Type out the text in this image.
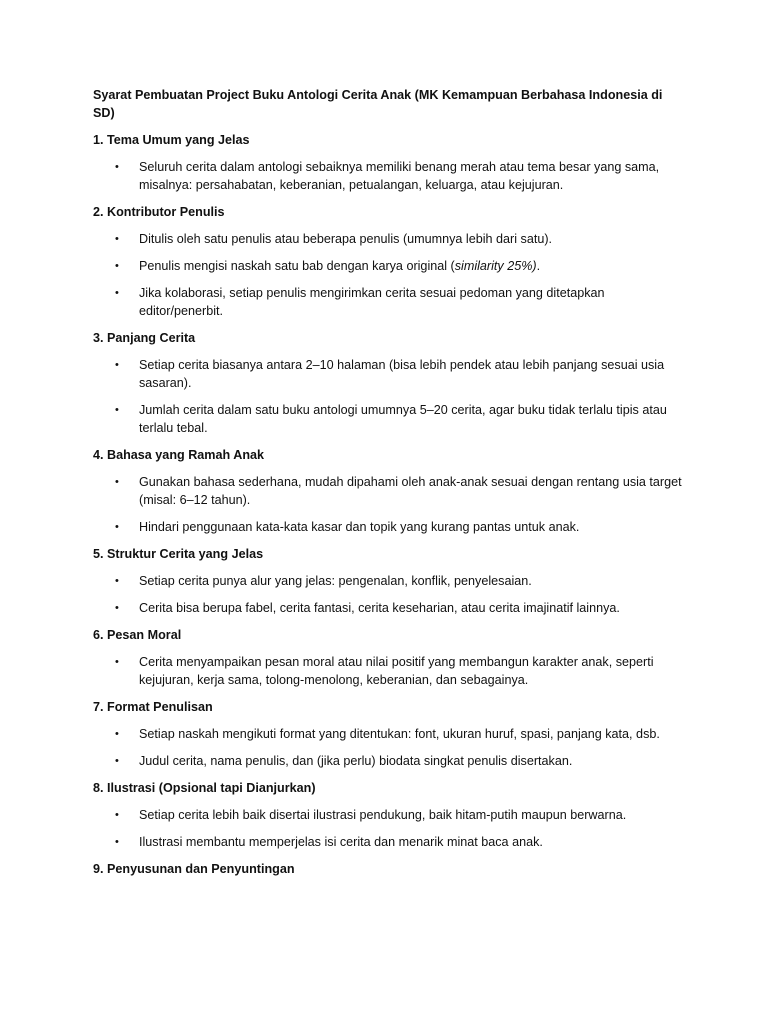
Syarat Pembuatan Project Buku Antologi Cerita Anak (MK Kemampuan Berbahasa Indonesia di SD)
1. Tema Umum yang Jelas
• Seluruh cerita dalam antologi sebaiknya memiliki benang merah atau tema besar yang sama, misalnya: persahabatan, keberanian, petualangan, keluarga, atau kejujuran.
2. Kontributor Penulis
• Ditulis oleh satu penulis atau beberapa penulis (umumnya lebih dari satu).
• Penulis mengisi naskah satu bab dengan karya original (similarity 25%).
• Jika kolaborasi, setiap penulis mengirimkan cerita sesuai pedoman yang ditetapkan editor/penerbit.
3. Panjang Cerita
• Setiap cerita biasanya antara 2–10 halaman (bisa lebih pendek atau lebih panjang sesuai usia sasaran).
• Jumlah cerita dalam satu buku antologi umumnya 5–20 cerita, agar buku tidak terlalu tipis atau terlalu tebal.
4. Bahasa yang Ramah Anak
• Gunakan bahasa sederhana, mudah dipahami oleh anak-anak sesuai dengan rentang usia target (misal: 6–12 tahun).
• Hindari penggunaan kata-kata kasar dan topik yang kurang pantas untuk anak.
5. Struktur Cerita yang Jelas
• Setiap cerita punya alur yang jelas: pengenalan, konflik, penyelesaian.
• Cerita bisa berupa fabel, cerita fantasi, cerita keseharian, atau cerita imajinatif lainnya.
6. Pesan Moral
• Cerita menyampaikan pesan moral atau nilai positif yang membangun karakter anak, seperti kejujuran, kerja sama, tolong-menolong, keberanian, dan sebagainya.
7. Format Penulisan
• Setiap naskah mengikuti format yang ditentukan: font, ukuran huruf, spasi, panjang kata, dsb.
• Judul cerita, nama penulis, dan (jika perlu) biodata singkat penulis disertakan.
8. Ilustrasi (Opsional tapi Dianjurkan)
• Setiap cerita lebih baik disertai ilustrasi pendukung, baik hitam-putih maupun berwarna.
• Ilustrasi membantu memperjelas isi cerita dan menarik minat baca anak.
9. Penyusunan dan Penyuntingan
